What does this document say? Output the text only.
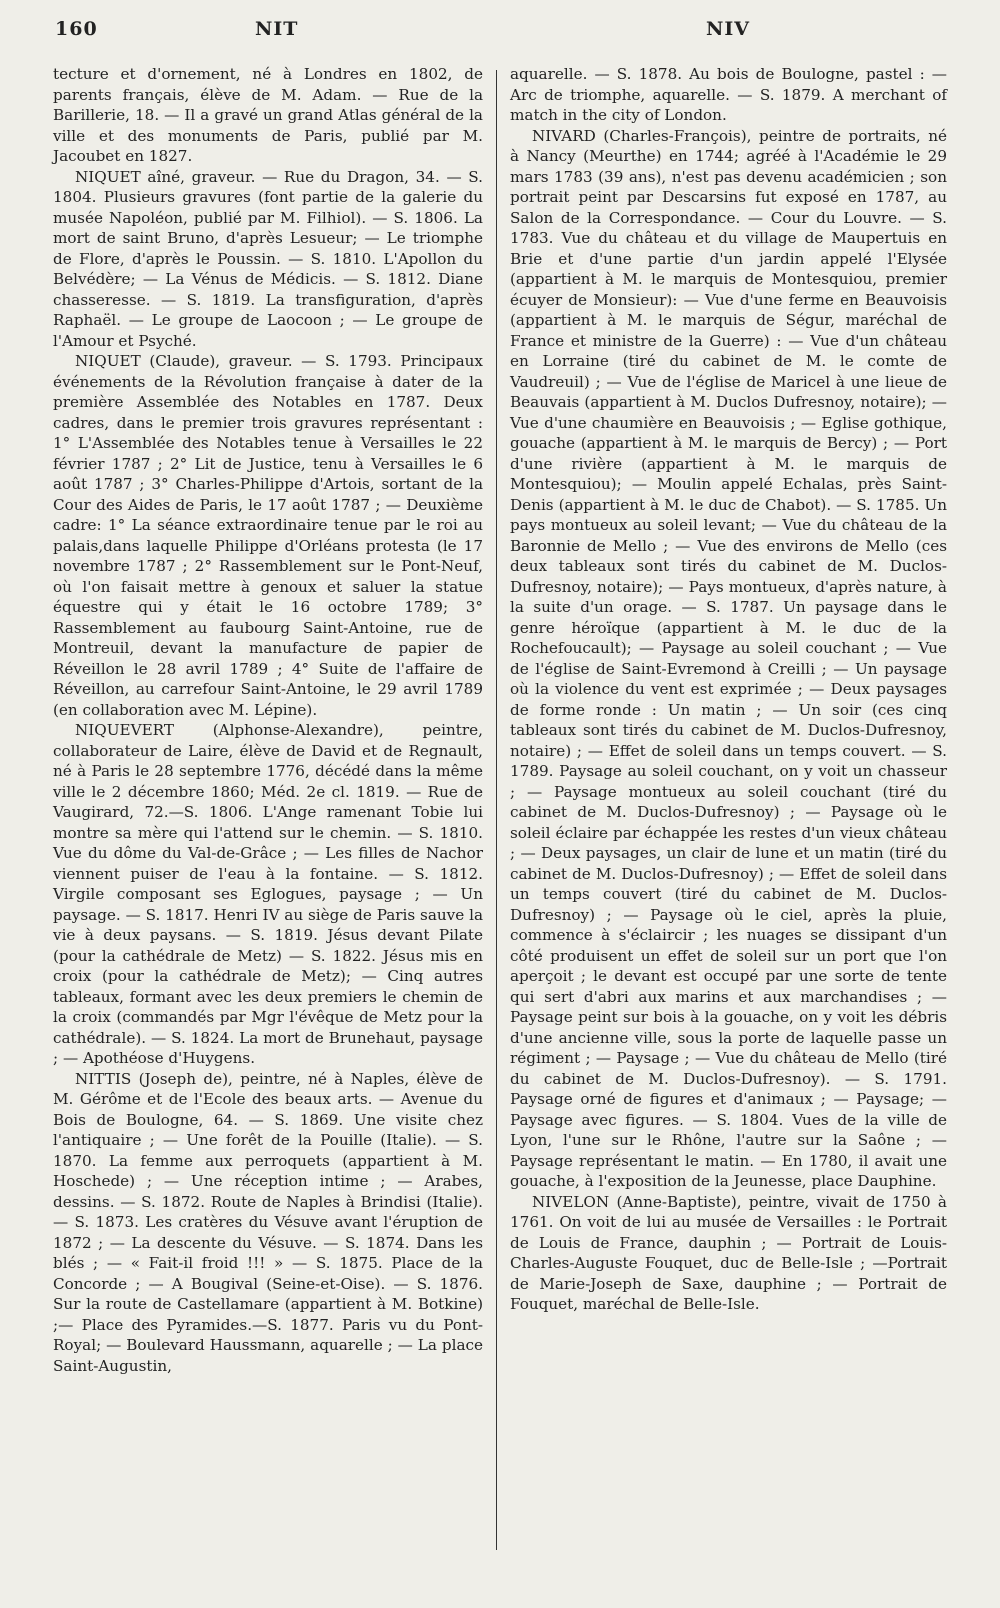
160	NIT	NIV

tecture et d'ornement, né à Londres en 1802, de parents français, élève de M. Adam. — Rue de la Barillerie, 18. — Il a gravé un grand Atlas général de la ville et des monuments de Paris, publié par M. Jacoubet en 1827.

NIQUET aîné, graveur. — Rue du Dragon, 34. — S. 1804. Plusieurs gravures (font partie de la galerie du musée Napoléon, publié par M. Filhiol). — S. 1806. La mort de saint Bruno, d'après Lesueur; — Le triomphe de Flore, d'après le Poussin. — S. 1810. L'Apollon du Belvédère; — La Vénus de Médicis. — S. 1812. Diane chasseresse. — S. 1819. La transfiguration, d'après Raphaël. — Le groupe de Laocoon ; — Le groupe de l'Amour et Psyché.

NIQUET (Claude), graveur. — S. 1793. Principaux événements de la Révolution française à dater de la première Assemblée des Notables en 1787. Deux cadres, dans le premier trois gravures représentant : 1° L'Assemblée des Notables tenue à Versailles le 22 février 1787 ; 2° Lit de Justice, tenu à Versailles le 6 août 1787 ; 3° Charles-Philippe d'Artois, sortant de la Cour des Aides de Paris, le 17 août 1787 ; — Deuxième cadre: 1° La séance extraordinaire tenue par le roi au palais,dans laquelle Philippe d'Orléans protesta (le 17 novembre 1787 ; 2° Rassemblement sur le Pont-Neuf, où l'on faisait mettre à genoux et saluer la statue équestre qui y était le 16 octobre 1789; 3° Rassemblement au faubourg Saint-Antoine, rue de Montreuil, devant la manufacture de papier de Réveillon le 28 avril 1789 ; 4° Suite de l'affaire de Réveillon, au carrefour Saint-Antoine, le 29 avril 1789 (en collaboration avec M. Lépine).

NIQUEVERT (Alphonse-Alexandre), peintre, collaborateur de Laire, élève de David et de Regnault, né à Paris le 28 septembre 1776, décédé dans la même ville le 2 décembre 1860; Méd. 2e cl. 1819. — Rue de Vaugirard, 72.—S. 1806. L'Ange ramenant Tobie lui montre sa mère qui l'attend sur le chemin. — S. 1810. Vue du dôme du Val-de-Grâce ; — Les filles de Nachor viennent puiser de l'eau à la fontaine. — S. 1812. Virgile composant ses Eglogues, paysage ; — Un paysage. — S. 1817. Henri IV au siège de Paris sauve la vie à deux paysans. — S. 1819. Jésus devant Pilate (pour la cathédrale de Metz) — S. 1822. Jésus mis en croix (pour la cathédrale de Metz); — Cinq autres tableaux, formant avec les deux premiers le chemin de la croix (commandés par Mgr l'évêque de Metz pour la cathédrale). — S. 1824. La mort de Brunehaut, paysage ; — Apothéose d'Huygens.

NITTIS (Joseph de), peintre, né à Naples, élève de M. Gérôme et de l'Ecole des beaux arts. — Avenue du Bois de Boulogne, 64. — S. 1869. Une visite chez l'antiquaire ; — Une forêt de la Pouille (Italie). — S. 1870. La femme aux perroquets (appartient à M. Hoschede) ; — Une réception intime ; — Arabes, dessins. — S. 1872. Route de Naples à Brindisi (Italie). — S. 1873. Les cratères du Vésuve avant l'éruption de 1872 ; — La descente du Vésuve. — S. 1874. Dans les blés ; — « Fait-il froid !!! » — S. 1875. Place de la Concorde ; — A Bougival (Seine-et-Oise). — S. 1876. Sur la route de Castellamare (appartient à M. Botkine) ;— Place des Pyramides.—S. 1877. Paris vu du Pont-Royal; — Boulevard Haussmann, aquarelle ; — La place Saint-Augustin,

aquarelle. — S. 1878. Au bois de Boulogne, pastel : — Arc de triomphe, aquarelle. — S. 1879. A merchant of match in the city of London.

NIVARD (Charles-François), peintre de portraits, né à Nancy (Meurthe) en 1744; agréé à l'Académie le 29 mars 1783 (39 ans), n'est pas devenu académicien ; son portrait peint par Descarsins fut exposé en 1787, au Salon de la Correspondance. — Cour du Louvre. — S. 1783. Vue du château et du village de Maupertuis en Brie et d'une partie d'un jardin appelé l'Elysée (appartient à M. le marquis de Montesquiou, premier écuyer de Monsieur): — Vue d'une ferme en Beauvoisis (appartient à M. le marquis de Ségur, maréchal de France et ministre de la Guerre) : — Vue d'un château en Lorraine (tiré du cabinet de M. le comte de Vaudreuil) ; — Vue de l'église de Maricel à une lieue de Beauvais (appartient à M. Duclos Dufresnoy, notaire); — Vue d'une chaumière en Beauvoisis ; — Eglise gothique, gouache (appartient à M. le marquis de Bercy) ; — Port d'une rivière (appartient à M. le marquis de Montesquiou); — Moulin appelé Echalas, près Saint-Denis (appartient à M. le duc de Chabot). — S. 1785. Un pays montueux au soleil levant; — Vue du château de la Baronnie de Mello ; — Vue des environs de Mello (ces deux tableaux sont tirés du cabinet de M. Duclos-Dufresnoy, notaire); — Pays montueux, d'après nature, à la suite d'un orage. — S. 1787. Un paysage dans le genre héroïque (appartient à M. le duc de la Rochefoucault); — Paysage au soleil couchant ; — Vue de l'église de Saint-Evremond à Creilli ; — Un paysage où la violence du vent est exprimée ; — Deux paysages de forme ronde : Un matin ; — Un soir (ces cinq tableaux sont tirés du cabinet de M. Duclos-Dufresnoy, notaire) ; — Effet de soleil dans un temps couvert. — S. 1789. Paysage au soleil couchant, on y voit un chasseur ; — Paysage montueux au soleil couchant (tiré du cabinet de M. Duclos-Dufresnoy) ; — Paysage où le soleil éclaire par échappée les restes d'un vieux château ; — Deux paysages, un clair de lune et un matin (tiré du cabinet de M. Duclos-Dufresnoy) ; — Effet de soleil dans un temps couvert (tiré du cabinet de M. Duclos-Dufresnoy) ; — Paysage où le ciel, après la pluie, commence à s'éclaircir ; les nuages se dissipant d'un côté produisent un effet de soleil sur un port que l'on aperçoit ; le devant est occupé par une sorte de tente qui sert d'abri aux marins et aux marchandises ; — Paysage peint sur bois à la gouache, on y voit les débris d'une ancienne ville, sous la porte de laquelle passe un régiment ; — Paysage ; — Vue du château de Mello (tiré du cabinet de M. Duclos-Dufresnoy). — S. 1791. Paysage orné de figures et d'animaux ; — Paysage; — Paysage avec figures. — S. 1804. Vues de la ville de Lyon, l'une sur le Rhône, l'autre sur la Saône ; — Paysage représentant le matin. — En 1780, il avait une gouache, à l'exposition de la Jeunesse, place Dauphine.

NIVELON (Anne-Baptiste), peintre, vivait de 1750 à 1761. On voit de lui au musée de Versailles : le Portrait de Louis de France, dauphin ; — Portrait de Louis-Charles-Auguste Fouquet, duc de Belle-Isle ; —Portrait de Marie-Joseph de Saxe, dauphine ; — Portrait de Fouquet, maréchal de Belle-Isle.
